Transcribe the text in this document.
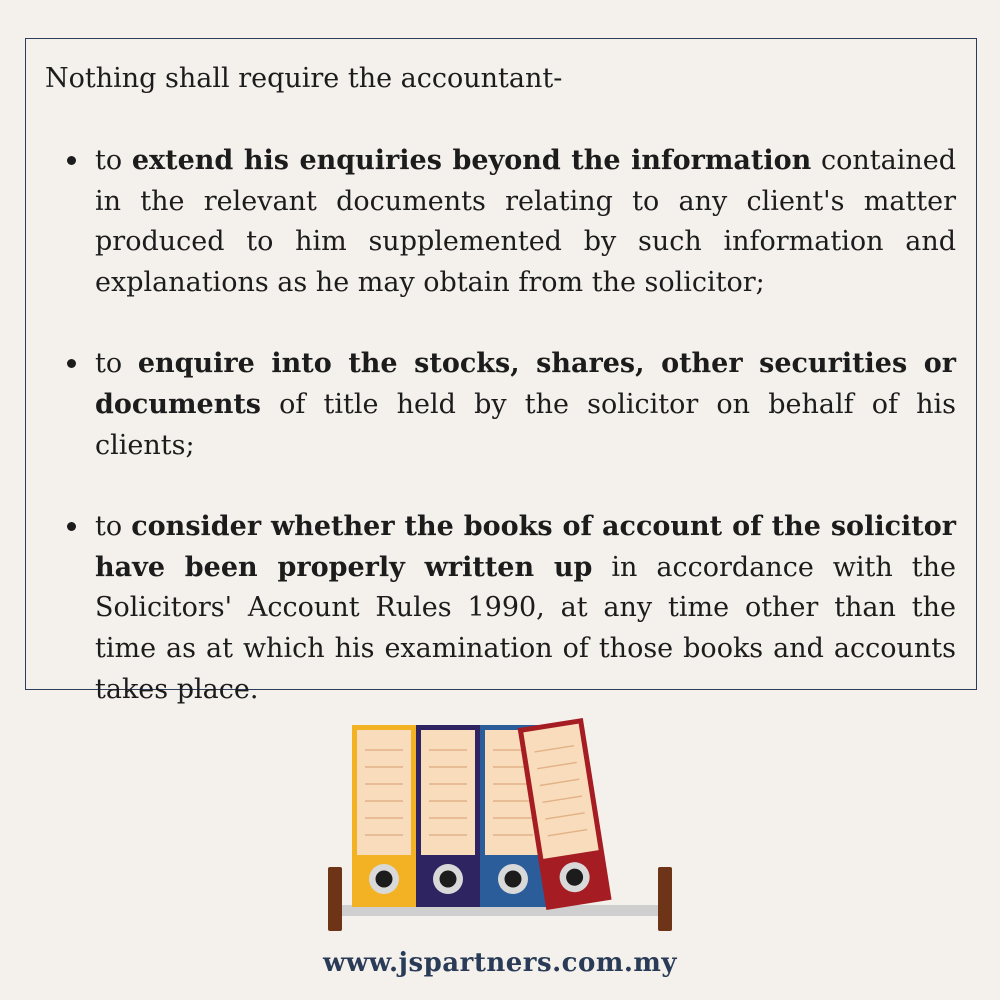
Nothing shall require the accountant-

to extend his enquiries beyond the information contained in the relevant documents relating to any client's matter produced to him supplemented by such information and explanations as he may obtain from the solicitor;
to enquire into the stocks, shares, other securities or documents of title held by the solicitor on behalf of his clients;
to consider whether the books of account of the solicitor have been properly written up in accordance with the Solicitors' Account Rules 1990, at any time other than the time as at which his examination of those books and accounts takes place.
www.jspartners.com.my
